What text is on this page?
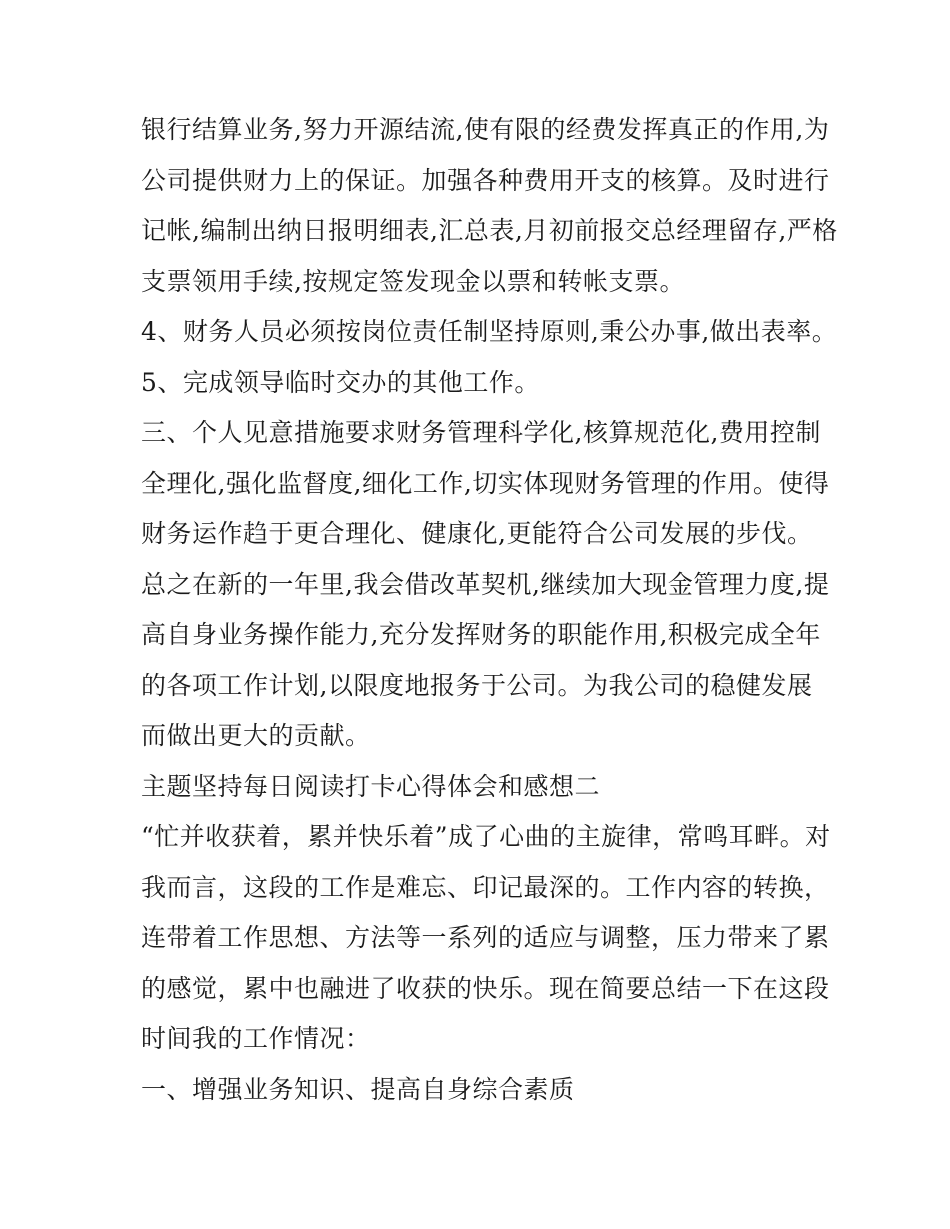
银行结算业务,努力开源结流,使有限的经费发挥真正的作用,为
公司提供财力上的保证。加强各种费用开支的核算。及时进行
记帐,编制出纳日报明细表,汇总表,月初前报交总经理留存,严格
支票领用手续,按规定签发现金以票和转帐支票。
4、财务人员必须按岗位责任制坚持原则,秉公办事,做出表率。
5、完成领导临时交办的其他工作。
三、个人见意措施要求财务管理科学化,核算规范化,费用控制
全理化,强化监督度,细化工作,切实体现财务管理的作用。使得
财务运作趋于更合理化、健康化,更能符合公司发展的步伐。
总之在新的一年里,我会借改革契机,继续加大现金管理力度,提
高自身业务操作能力,充分发挥财务的职能作用,积极完成全年
的各项工作计划,以限度地报务于公司。为我公司的稳健发展
而做出更大的贡献。
主题坚持每日阅读打卡心得体会和感想二
“忙并收获着，累并快乐着”成了心曲的主旋律，常鸣耳畔。对
我而言，这段的工作是难忘、印记最深的。工作内容的转换，
连带着工作思想、方法等一系列的适应与调整，压力带来了累
的感觉，累中也融进了收获的快乐。现在简要总结一下在这段
时间我的工作情况：
一、增强业务知识、提高自身综合素质
